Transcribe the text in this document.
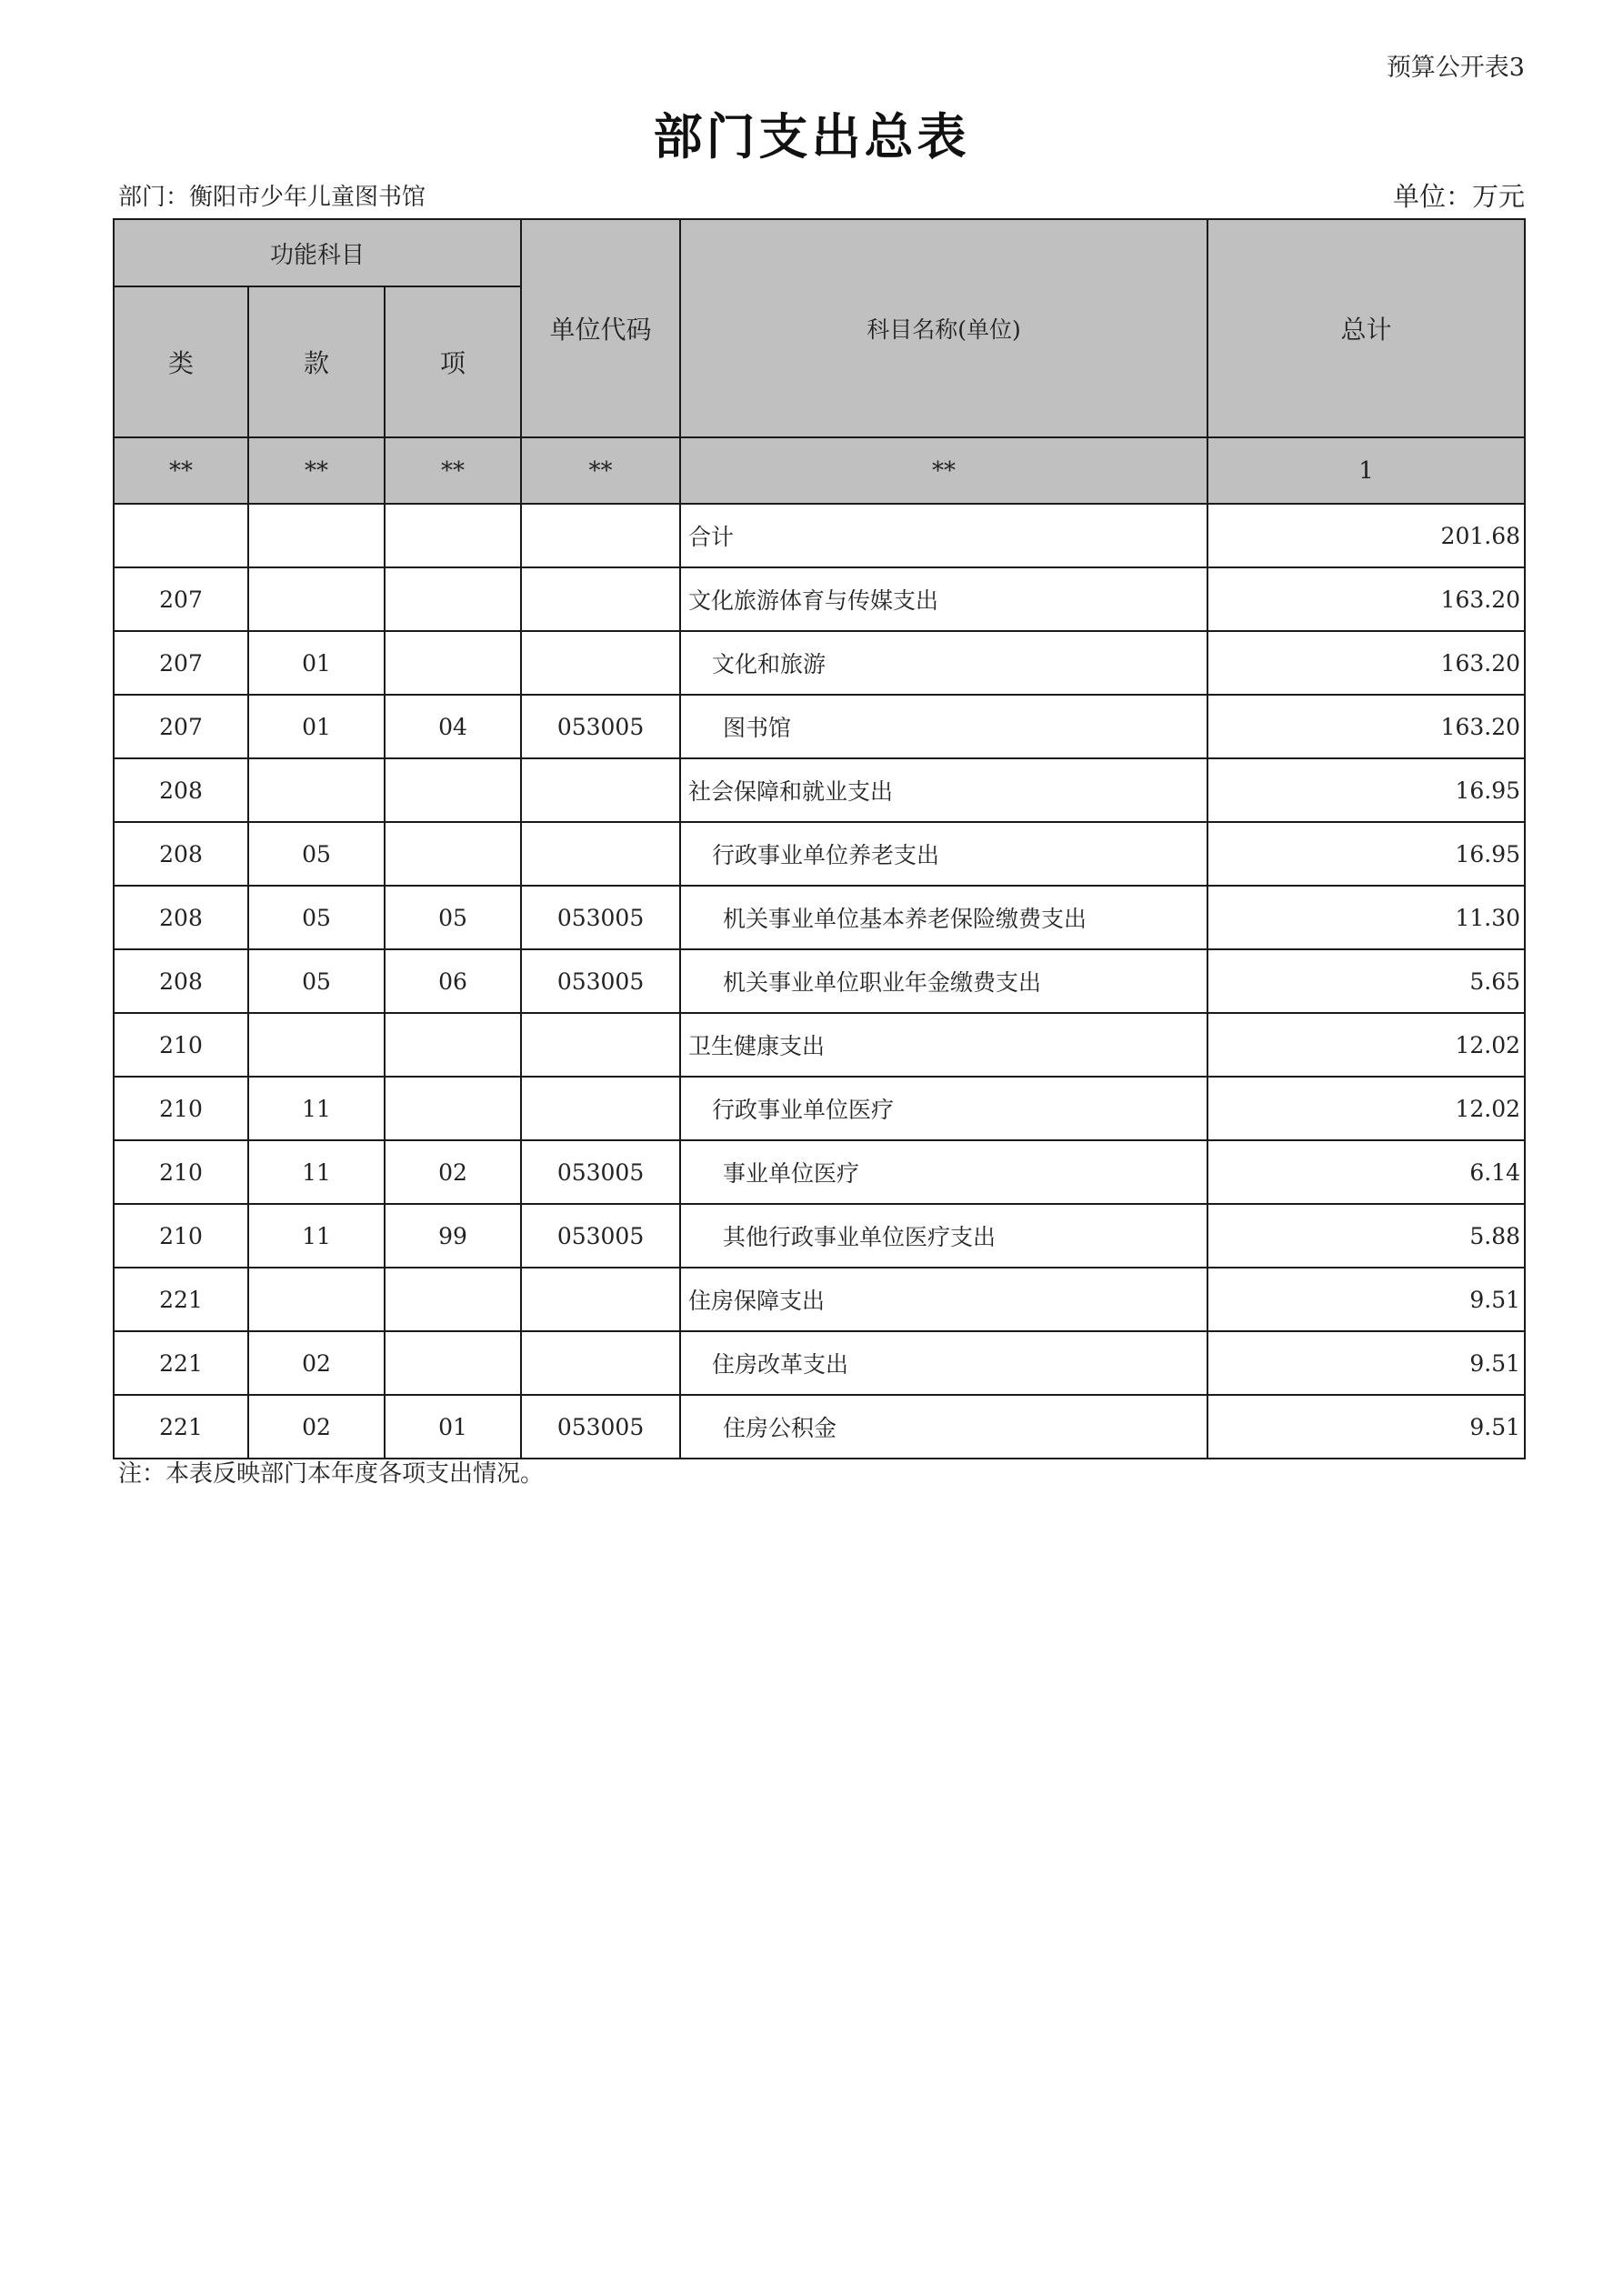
预算公开表3
部门支出总表
部门：衡阳市少年儿童图书馆	单位：万元
功能科目			单位代码	科目名称(单位)	总计
类	款	项			
**	**	**	**	**	1
				合计	201.68
207				文化旅游体育与传媒支出	163.20
207	01			文化和旅游	163.20
207	01	04	053005	图书馆	163.20
208				社会保障和就业支出	16.95
208	05			行政事业单位养老支出	16.95
208	05	05	053005	机关事业单位基本养老保险缴费支出	11.30
208	05	06	053005	机关事业单位职业年金缴费支出	5.65
210				卫生健康支出	12.02
210	11			行政事业单位医疗	12.02
210	11	02	053005	事业单位医疗	6.14
210	11	99	053005	其他行政事业单位医疗支出	5.88
221				住房保障支出	9.51
221	02			住房改革支出	9.51
221	02	01	053005	住房公积金	9.51
注：本表反映部门本年度各项支出情况。
